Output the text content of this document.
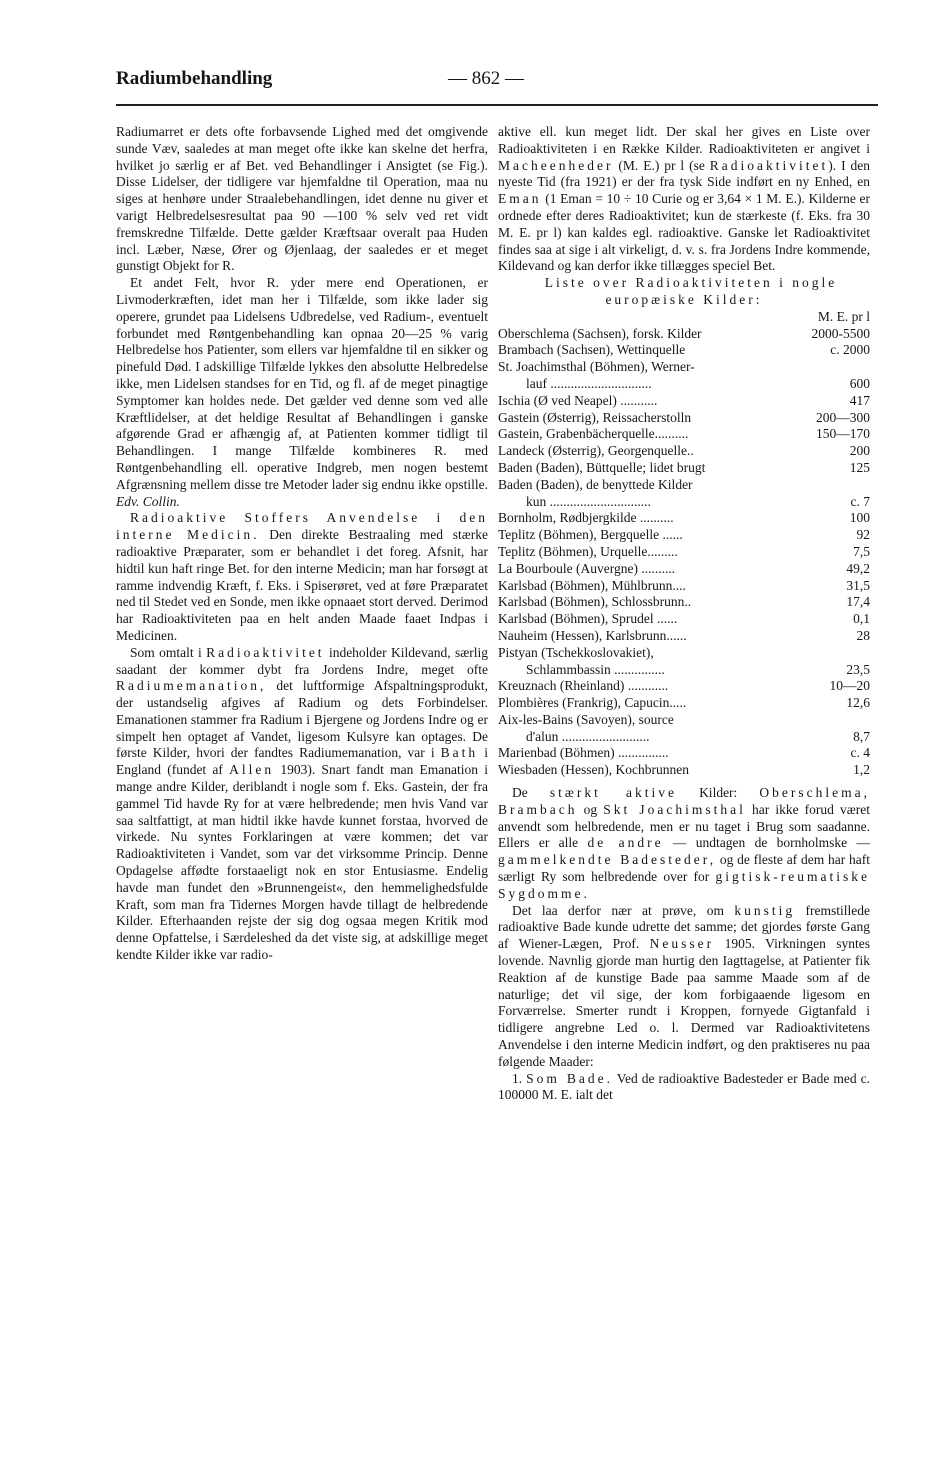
Radiumbehandling	— 862 —

Radiumarret er dets ofte forbavsende Lighed med det omgivende sunde Væv, saaledes at man meget ofte ikke kan skelne det herfra, hvilket jo særlig er af Bet. ved Behandlinger i Ansigtet (se Fig.). Disse Lidelser, der tidligere var hjemfaldne til Operation, maa nu siges at henhøre under Straalebehandlingen, idet denne nu giver et varigt Helbredelsesresultat paa 90 —100 % selv ved ret vidt fremskredne Tilfælde. Dette gælder Kræftsaar overalt paa Huden incl. Læber, Næse, Ører og Øjenlaag, der saaledes er et meget gunstigt Objekt for R.

Et andet Felt, hvor R. yder mere end Operationen, er Livmoderkræften, idet man her i Tilfælde, som ikke lader sig operere, grundet paa Lidelsens Udbredelse, ved Radium-, eventuelt forbundet med Røntgenbehandling kan opnaa 20—25 % varig Helbredelse hos Patienter, som ellers var hjemfaldne til en sikker og pinefuld Død. I adskillige Tilfælde lykkes den absolutte Helbredelse ikke, men Lidelsen standses for en Tid, og fl. af de meget pinagtige Symptomer kan holdes nede. Det gælder ved denne som ved alle Kræftlidelser, at det heldige Resultat af Behandlingen i ganske afgørende Grad er afhængig af, at Patienten kommer tidligt til Behandlingen. I mange Tilfælde kombineres R. med Røntgenbehandling ell. operative Indgreb, men nogen bestemt Afgrænsning mellem disse tre Metoder lader sig endnu ikke opstille. Edv. Collin.

Radioaktive Stoffers Anvendelse i den interne Medicin. Den direkte Bestraaling med stærke radioaktive Præparater, som er behandlet i det foreg. Afsnit, har hidtil kun haft ringe Bet. for den interne Medicin; man har forsøgt at ramme indvendig Kræft, f. Eks. i Spiserøret, ved at føre Præparatet ned til Stedet ved en Sonde, men ikke opnaaet stort derved. Derimod har Radioaktiviteten paa en helt anden Maade faaet Indpas i Medicinen.

Som omtalt i Radioaktivitet indeholder Kildevand, særlig saadant der kommer dybt fra Jordens Indre, meget ofte Radiumemanation, det luftformige Afspaltningsprodukt, der ustandselig afgives af Radium og dets Forbindelser. Emanationen stammer fra Radium i Bjergene og Jordens Indre og er simpelt hen optaget af Vandet, ligesom Kulsyre kan optages. De første Kilder, hvori der fandtes Radiumemanation, var i Bath i England (fundet af Allen 1903). Snart fandt man Emanation i mange andre Kilder, deriblandt i nogle som f. Eks. Gastein, der fra gammel Tid havde Ry for at være helbredende; men hvis Vand var saa saltfattigt, at man hidtil ikke havde kunnet forstaa, hvorved de virkede. Nu syntes Forklaringen at være kommen; det var Radioaktiviteten i Vandet, som var det virksomme Princip. Denne Opdagelse affødte forstaaeligt nok en stor Entusiasme. Endelig havde man fundet den »Brunnengeist«, den hemmelighedsfulde Kraft, som man fra Tidernes Morgen havde tillagt de helbredende Kilder. Efterhaanden rejste der sig dog ogsaa megen Kritik mod denne Opfattelse, i Særdeleshed da det viste sig, at adskillige meget kendte Kilder ikke var radio-

aktive ell. kun meget lidt. Der skal her gives en Liste over Radioaktiviteten i en Række Kilder. Radioaktiviteten er angivet i Macheenheder (M. E.) pr l (se Radioaktivitet). I den nyeste Tid (fra 1921) er der fra tysk Side indført en ny Enhed, en Eman (1 Eman = 10 ÷ 10 Curie og er 3,64 × 1 M. E.). Kilderne er ordnede efter deres Radioaktivitet; kun de stærkeste (f. Eks. fra 30 M. E. pr l) kan kaldes egl. radioaktive. Ganske let Radioaktivitet findes saa at sige i alt virkeligt, d. v. s. fra Jordens Indre kommende, Kildevand og kan derfor ikke tillægges speciel Bet.

Liste over Radioaktiviteten i nogle europæiske Kilder:

M. E. pr l
Oberschlema (Sachsen), forsk. Kilder	2000-5500
Brambach (Sachsen), Wettinquelle	c. 2000
St. Joachimsthal (Böhmen), Werner-
lauf ..............................	600
Ischia (Ø ved Neapel) ...........	417
Gastein (Østerrig), Reissacherstolln	200—300
Gastein, Grabenbächerquelle..........	150—170
Landeck (Østerrig), Georgenquelle..	200
Baden (Baden), Büttquelle; lidet brugt	125
Baden (Baden), de benyttede Kilder
kun ..............................	c. 7
Bornholm, Rødbjergkilde ..........	100
Teplitz (Böhmen), Bergquelle ......	92
Teplitz (Böhmen), Urquelle.........	7,5
La Bourboule (Auvergne) ..........	49,2
Karlsbad (Böhmen), Mühlbrunn....	31,5
Karlsbad (Böhmen), Schlossbrunn..	17,4
Karlsbad (Böhmen), Sprudel ......	0,1
Nauheim (Hessen), Karlsbrunn......	28
Pistyan (Tschekkoslovakiet),
Schlammbassin ...............	23,5
Kreuznach (Rheinland) ............	10—20
Plombières (Frankrig), Capucin.....	12,6
Aix-les-Bains (Savoyen), source
d'alun ..........................	8,7
Marienbad (Böhmen) ...............	c. 4
Wiesbaden (Hessen), Kochbrunnen	1,2

De stærkt aktive Kilder: Oberschlema, Brambach og Skt Joachimsthal har ikke forud været anvendt som helbredende, men er nu taget i Brug som saadanne. Ellers er alle de andre — undtagen de bornholmske — gammelkendte Badesteder, og de fleste af dem har haft særligt Ry som helbredende over for gigtisk-reumatiske Sygdomme.

Det laa derfor nær at prøve, om kunstig fremstillede radioaktive Bade kunde udrette det samme; det gjordes første Gang af Wiener-Lægen, Prof. Neusser 1905. Virkningen syntes lovende. Navnlig gjorde man hurtig den Iagttagelse, at Patienter fik Reaktion af de kunstige Bade paa samme Maade som af de naturlige; det vil sige, der kom forbigaaende ligesom en Forværrelse. Smerter rundt i Kroppen, fornyede Gigtanfald i tidligere angrebne Led o. l. Dermed var Radioaktivitetens Anvendelse i den interne Medicin indført, og den praktiseres nu paa følgende Maader:

1. Som Bade. Ved de radioaktive Badesteder er Bade med c. 100000 M. E. ialt det
